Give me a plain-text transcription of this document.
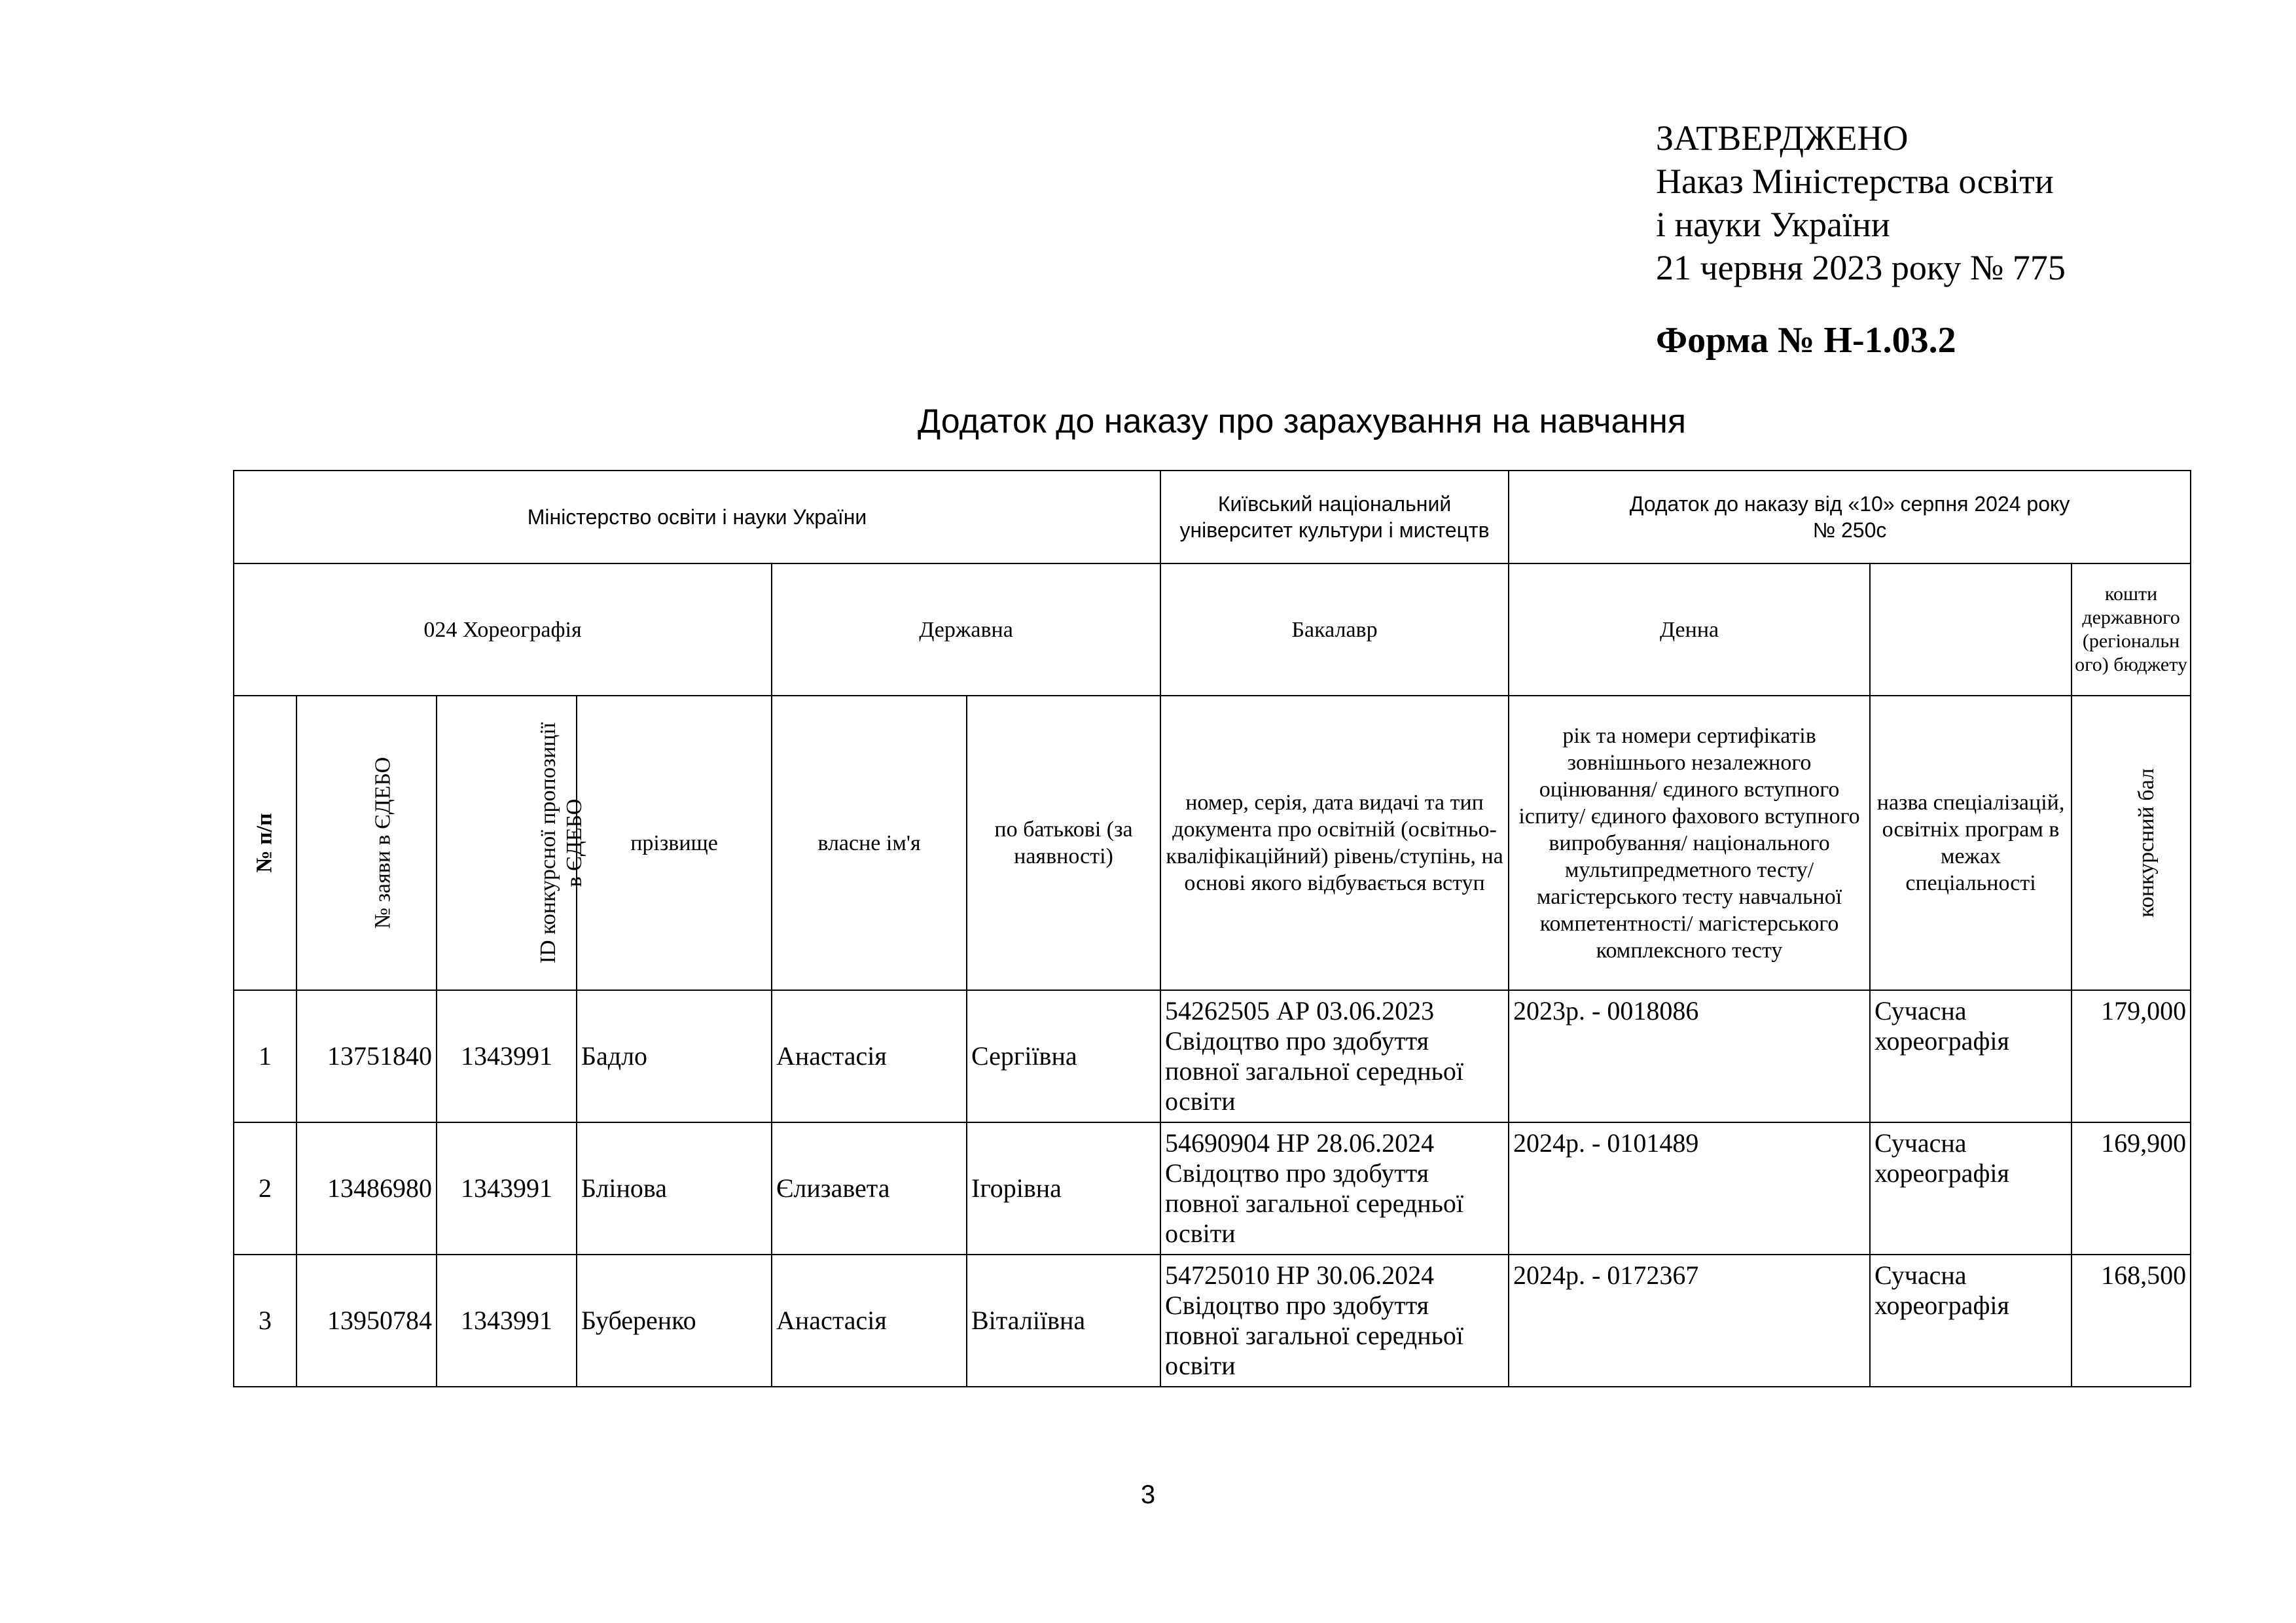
ЗАТВЕРДЖЕНО
Наказ Міністерства освіти
і науки України
21 червня 2023 року № 775
Форма № Н-1.03.2
Додаток до наказу про зарахування на навчання
Міністерство освіти і науки України						Київський національний університет культури і мистецтв	Додаток до наказу від «10» серпня 2024 року
№ 250с		

024 Хореографія				Державна		Бакалавр	Денна		кошти державного (регіональн ого) бюджету
№ п/п	№ заяви в ЄДЕБО	ID конкурсної пропозиції в ЄДЕБО	прізвище	власне ім'я	по батькові (за наявності)	номер, серія, дата видачі та тип документа про освітній (освітньо-кваліфікаційний) рівень/ступінь, на основі якого відбувається вступ	рік та номери сертифікатів зовнішнього незалежного оцінювання/ єдиного вступного іспиту/ єдиного фахового вступного випробування/ національного мультипредметного тесту/ магістерського тесту навчальної компетентності/ магістерського комплексного тесту	назва спеціалізацій, освітніх програм в межах спеціальності	конкурсний бал
1	13751840	1343991	Бадло	Анастасія	Сергіївна	54262505 АР 03.06.2023 Свідоцтво про здобуття повної загальної середньої освіти	2023р. - 0018086	Сучасна хореографія	179,000
2	13486980	1343991	Блінова	Єлизавета	Ігорівна	54690904 НР 28.06.2024 Свідоцтво про здобуття повної загальної середньої освіти	2024р. - 0101489	Сучасна хореографія	169,900
3	13950784	1343991	Буберенко	Анастасія	Віталіївна	54725010 НР 30.06.2024 Свідоцтво про здобуття повної загальної середньої освіти	2024р. - 0172367	Сучасна хореографія	168,500
3
